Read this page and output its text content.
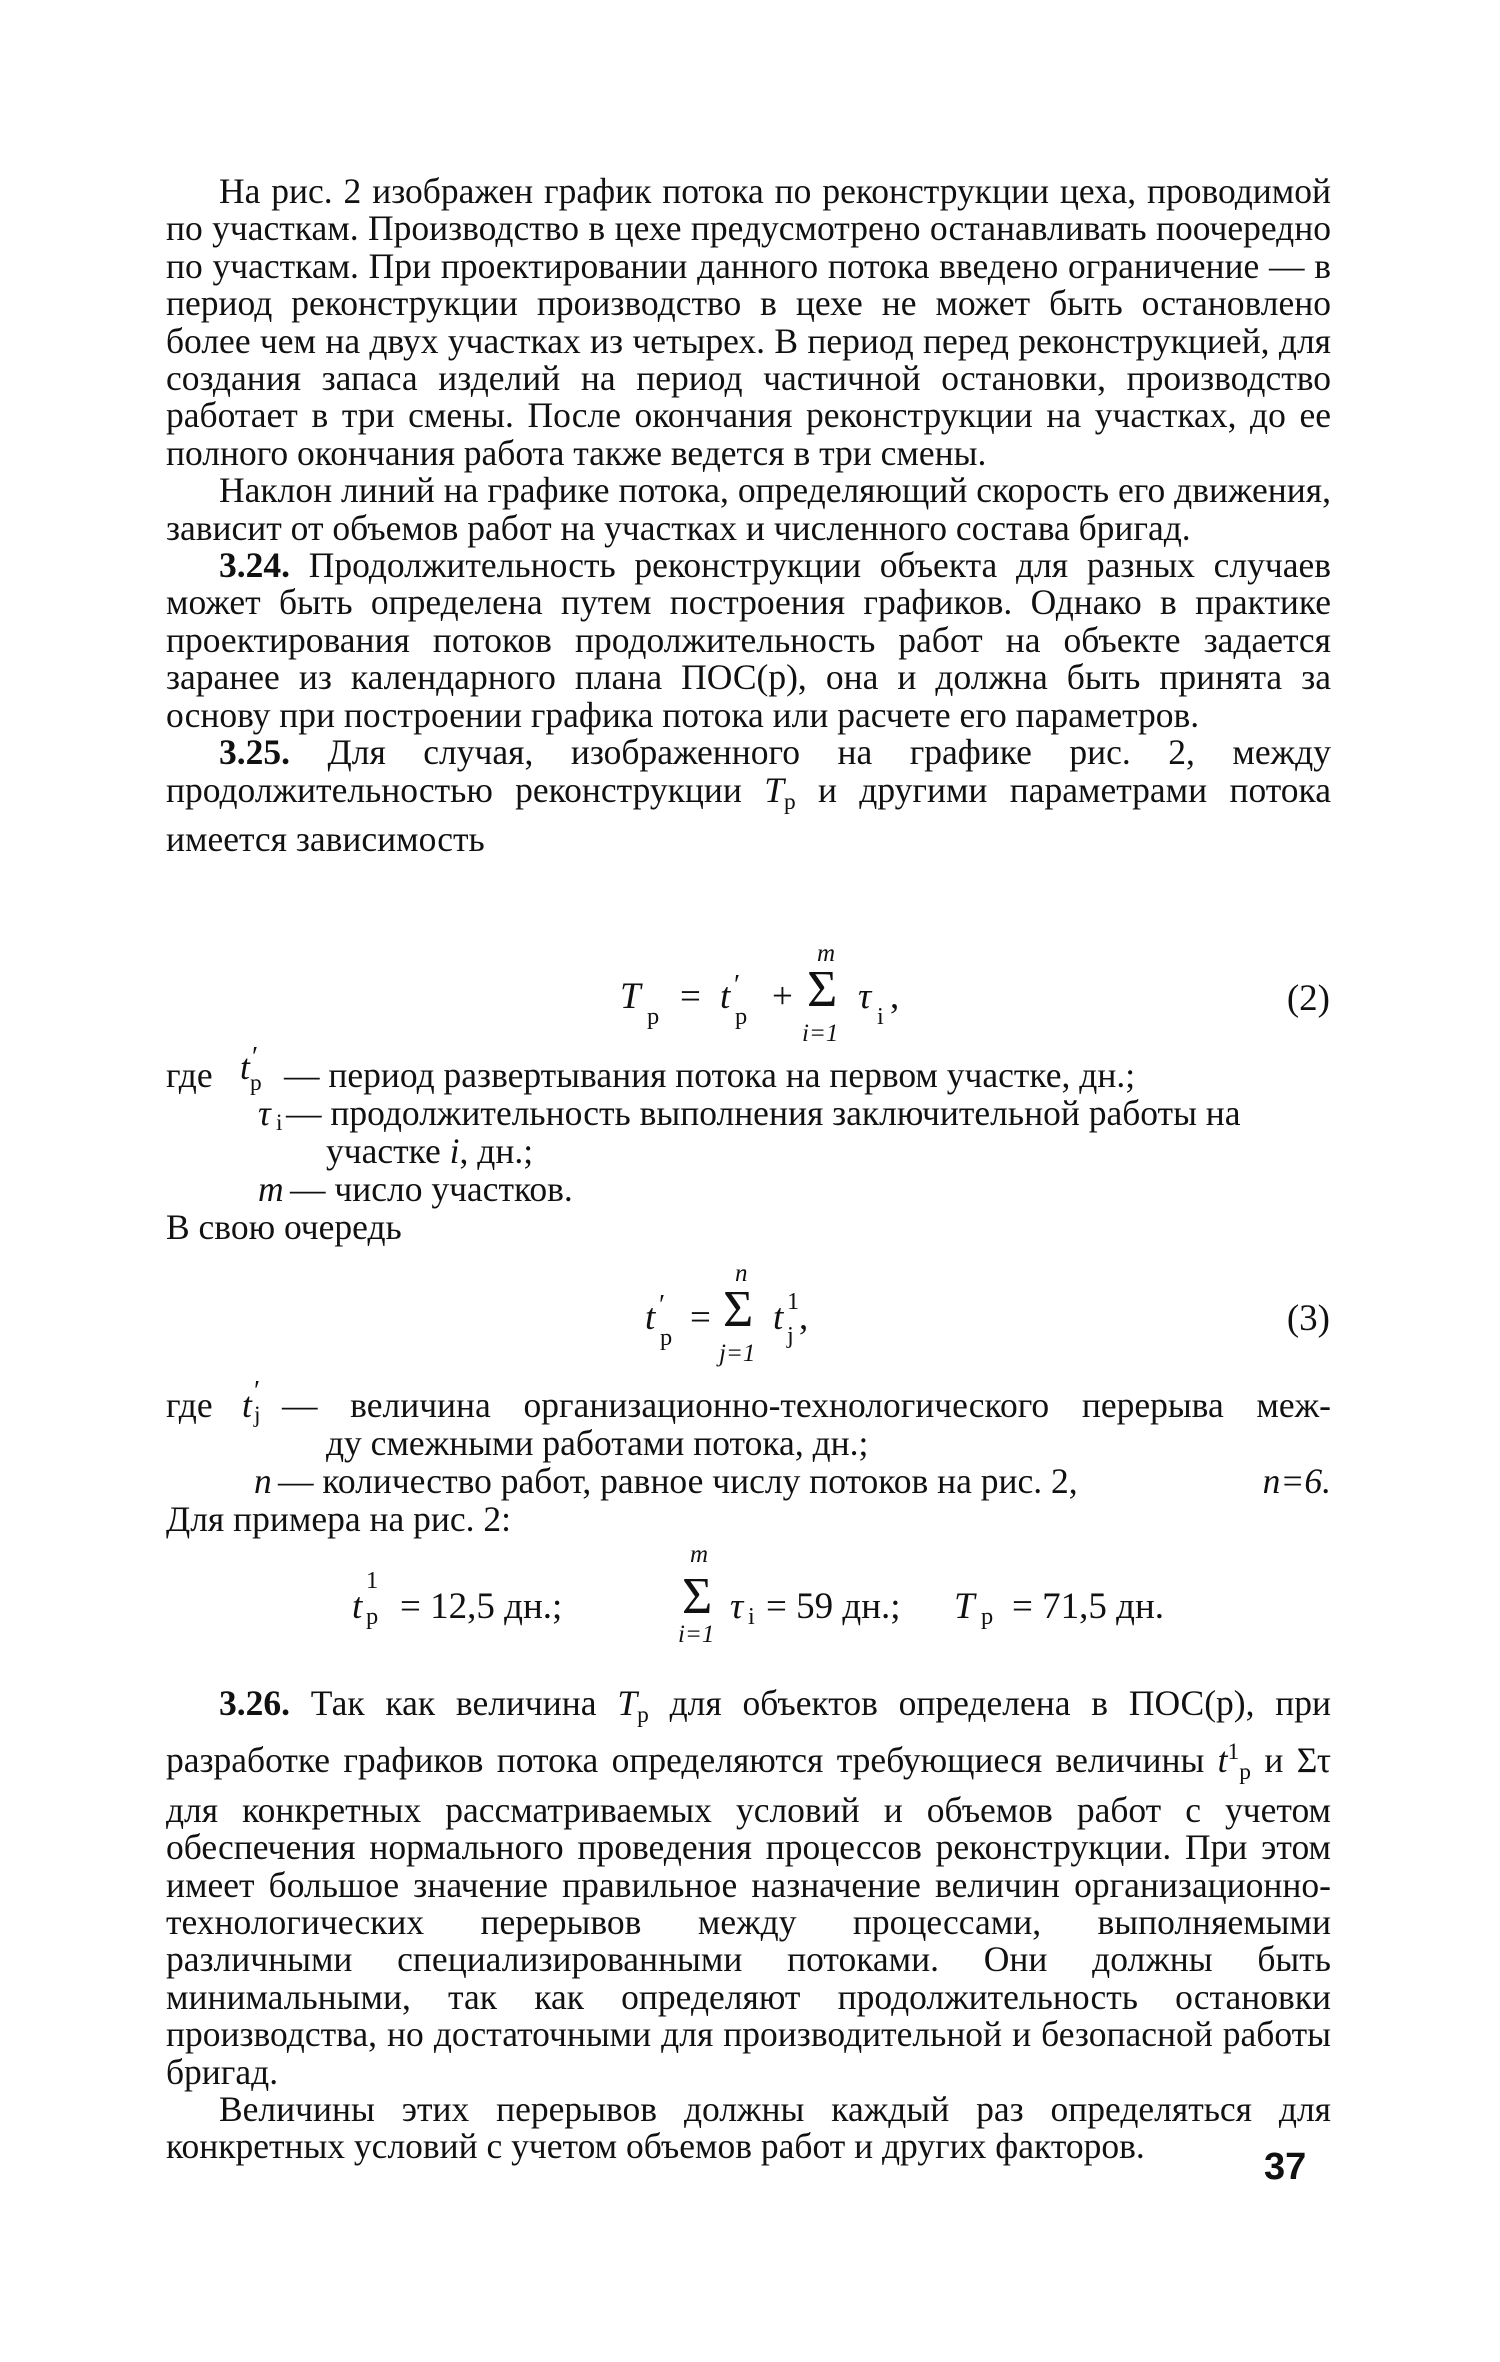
На рис. 2 изображен график потока по реконструкции цеха, проводимой по участкам. Производство в цехе предусмотрено останавливать поочередно по участкам. При проектировании данного потока введено ограничение — в период реконструкции производство в цехе не может быть остановлено более чем на двух участках из четырех. В период перед реконструкцией, для создания запаса изделий на период частичной остановки, производство работает в три смены. После окончания реконструкции на участках, до ее полного окончания работа также ведется в три смены.

Наклон линий на графике потока, определяющий скорость его движения, зависит от объемов работ на участках и численного состава бригад.

3.24. Продолжительность реконструкции объекта для разных случаев может быть определена путем построения графиков. Однако в практике проектирования потоков продолжительность работ на объекте задается заранее из календарного плана ПОС(р), она и должна быть принята за основу при построении графика потока или расчете его параметров.

3.25. Для случая, изображенного на графике рис. 2, между продолжительностью реконструкции $T_р$ и другими параметрами потока имеется зависимость

T р = t ′
р +
m
Σ
i=1
τ i ,	(2)
где t ′
р — период развертывания потока на первом участке, дн.;
τ i — продолжительность выполнения заключительной работы на
участке i, дн.;
m — число участков.
В свою очередь
t ′
р =
n
Σ
j=1
t 1
j ,	(3)
где t ′
j — величина организационно-технологического перерыва меж-
ду смежными работами потока, дн.;
n — количество работ, равное числу потоков на рис. 2,	n=6.
Для примера на рис. 2:
t
1
р = 12,5 дн.;
m
Σ
i=1
τ i = 59 дн.; T р = 71,5 дн.

3.26. Так как величина $T_р$ для объектов определена в ПОС(р), при разработке графиков потока определяются требующиеся величины $t^1_р$ и Στ для конкретных рассматриваемых условий и объемов работ с учетом обеспечения нормального проведения процессов реконструкции. При этом имеет большое значение правильное назначение величин организационно-технологических перерывов между процессами, выполняемыми различными специализированными потоками. Они должны быть минимальными, так как определяют продолжительность остановки производства, но достаточными для производительной и безопасной работы бригад.

Величины этих перерывов должны каждый раз определяться для конкретных условий с учетом объемов работ и других факторов.	37
